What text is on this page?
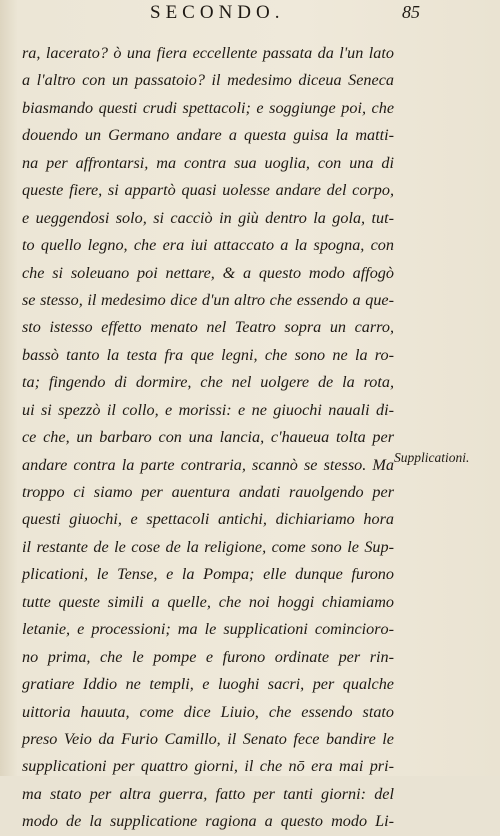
SECONDO.	85
ra, lacerato? ò una fiera eccellente passata da l'un lato
a l'altro con un passatoio? il medesimo diceua Seneca
biasmando questi crudi spettacoli; e soggiunge poi, che
douendo un Germano andare a questa guisa la matti-
na per affrontarsi, ma contra sua uoglia, con una di
queste fiere, si appartò quasi uolesse andare del corpo,
e ueggendosi solo, si cacciò in giù dentro la gola, tut-
to quello legno, che era iui attaccato a la spogna, con
che si soleuano poi nettare, & a questo modo affogò
se stesso, il medesimo dice d'un altro che essendo a que-
sto istesso effetto menato nel Teatro sopra un carro,
bassò tanto la testa fra que legni, che sono ne la ro-
ta; fingendo di dormire, che nel uolgere de la rota,
ui si spezzò il collo, e morissi: e ne giuochi nauali di-
ce che, un barbaro con una lancia, c'haueua tolta per
andare contra la parte contraria, scannò se stesso. Ma
troppo ci siamo per auentura andati rauolgendo per
questi giuochi, e spettacoli antichi, dichiariamo hora
il restante de le cose de la religione, come sono le Sup-
plicationi, le Tense, e la Pompa; elle dunque furono
tutte queste simili a quelle, che noi hoggi chiamiamo
letanie, e processioni; ma le supplicationi cominciorо-
no prima, che le pompe e furono ordinate per rin-
gratiare Iddio ne templi, e luoghi sacri, per qualche
uittoria hauuta, come dice Liuio, che essendo stato
preso Veio da Furio Camillo, il Senato fece bandire le
supplicationi per quattro giorni, il che nō era mai pri-
ma stato per altra guerra, fatto per tanti giorni: del
modo de la supplicatione ragiona a questo modo Li-
Supplicationi.
